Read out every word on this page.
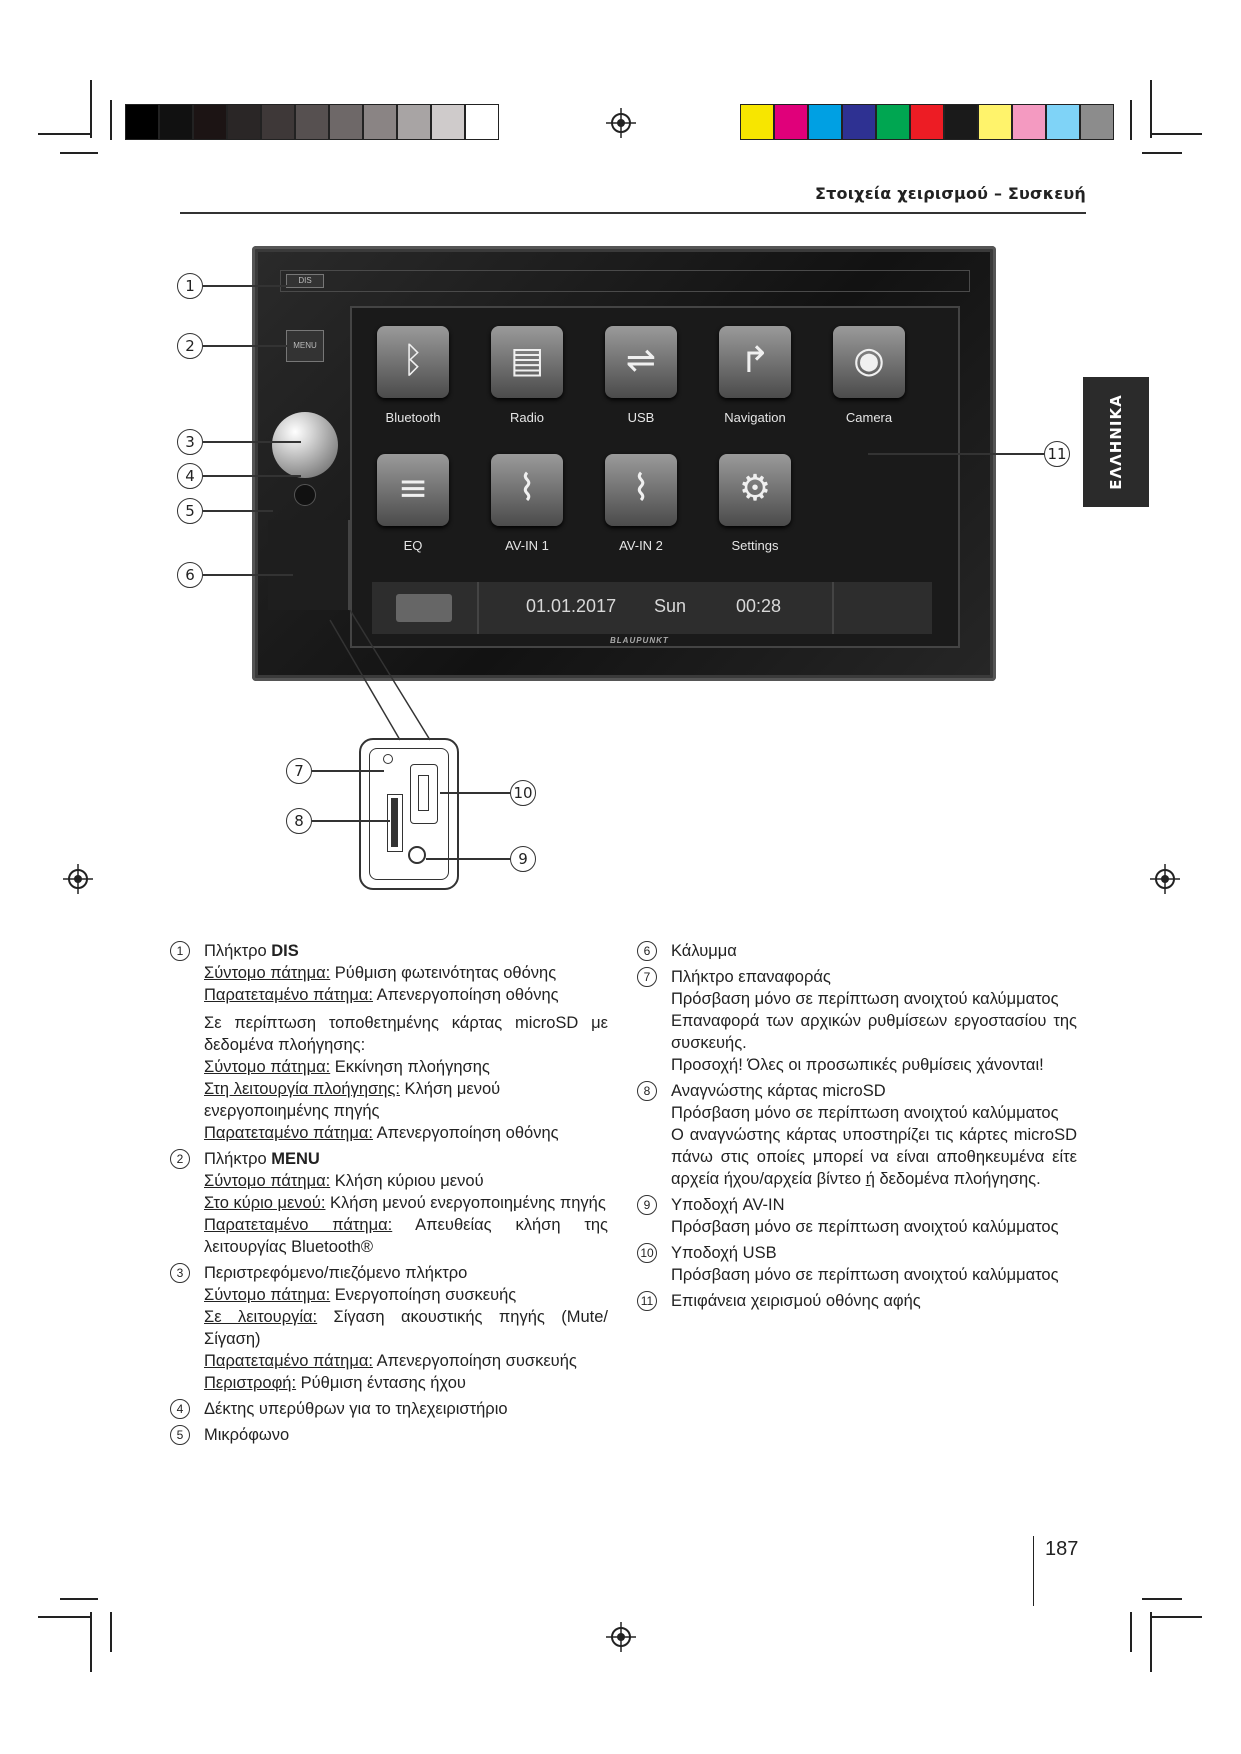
Στοιχεία χειρισμού – Συσκευή
ΕΛΛΗΝΙΚΑ
DIS
MENU	ᛒ
Bluetooth
▤
Radio
⇌
USB
↱
Navigation
◉
Camera
≡
EQ
⌇
AV-IN 1
⌇
AV-IN 2
⚙
Settings
01.01.2017 Sun	00:28
BLAUPUNKT
1
2
3
4
5
6
7
8
9
10
11
1	Πλήκτρο DIS
Σύντομο πάτημα: Ρύθμιση φωτεινότητας οθόνης
Παρατεταμένο πάτημα: Απενεργοποίηση οθόνης
Σε περίπτωση τοποθετημένης κάρτας microSD με δεδομένα πλοήγησης:
Σύντομο πάτημα: Εκκίνηση πλοήγησης
Στη λειτουργία πλοήγησης: Κλήση μενού ενεργοποιημένης πηγής
Παρατεταμένο πάτημα: Απενεργοποίηση οθόνης
2	Πλήκτρο MENU
Σύντομο πάτημα: Κλήση κύριου μενού
Στο κύριο μενού: Κλήση μενού ενεργοποιημένης πηγής
Παρατεταμένο πάτημα: Απευθείας κλήση της λειτουργίας Bluetooth®
3	Περιστρεφόμενο/πιεζόμενο πλήκτρο
Σύντομο πάτημα: Ενεργοποίηση συσκευής
Σε λειτουργία: Σίγαση ακουστικής πηγής (Mute/ Σίγαση)
Παρατεταμένο πάτημα: Απενεργοποίηση συσκευής
Περιστροφή: Ρύθμιση έντασης ήχου
4	Δέκτης υπερύθρων για το τηλεχειριστήριο
5	Μικρόφωνο
6	Κάλυμμα
7	Πλήκτρο επαναφοράς
Πρόσβαση μόνο σε περίπτωση ανοιχτού καλύμματος
Επαναφορά των αρχικών ρυθμίσεων εργοστασίου της συσκευής.
Προσοχή! Όλες οι προσωπικές ρυθμίσεις χάνονται!
8	Αναγνώστης κάρτας microSD
Πρόσβαση μόνο σε περίπτωση ανοιχτού καλύμματος
Ο αναγνώστης κάρτας υποστηρίζει τις κάρτες microSD πάνω στις οποίες μπορεί να είναι αποθηκευμένα είτε αρχεία ήχου/αρχεία βίντεο ή δεδομένα πλοήγησης.
9	Υποδοχή AV-IN
Πρόσβαση μόνο σε περίπτωση ανοιχτού καλύμματος
10 Υποδοχή USB
Πρόσβαση μόνο σε περίπτωση ανοιχτού καλύμματος
11 Επιφάνεια χειρισμού οθόνης αφής
187
